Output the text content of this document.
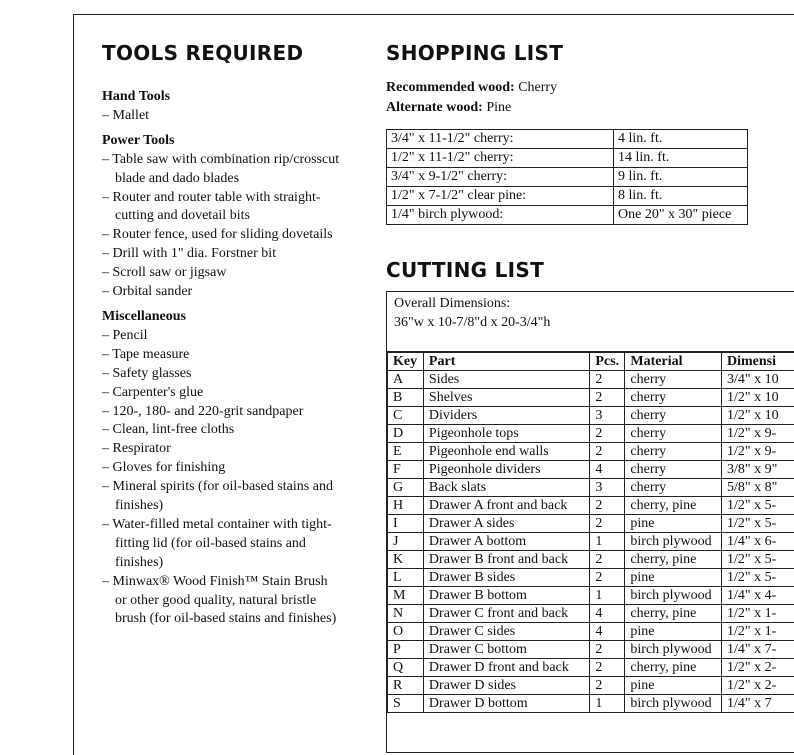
TOOLS REQUIRED
Hand Tools
– Mallet
Power Tools
– Table saw with combination rip/crosscut blade and dado blades
– Router and router table with straight-cutting and dovetail bits
– Router fence, used for sliding dovetails
– Drill with 1" dia. Forstner bit
– Scroll saw or jigsaw
– Orbital sander
Miscellaneous
– Pencil
– Tape measure
– Safety glasses
– Carpenter's glue
– 120-, 180- and 220-grit sandpaper
– Clean, lint-free cloths
– Respirator
– Gloves for finishing
– Mineral spirits (for oil-based stains and finishes)
– Water-filled metal container with tight-fitting lid (for oil-based stains and finishes)
– Minwax® Wood Finish™ Stain Brush or other good quality, natural bristle brush (for oil-based stains and finishes)
SHOPPING LIST
Recommended wood: Cherry
Alternate wood: Pine
3/4" x 11-1/2" cherry:	4 lin. ft.
1/2" x 11-1/2" cherry:	14 lin. ft.
3/4" x 9-1/2" cherry:	9 lin. ft.
1/2" x 7-1/2" clear pine:	8 lin. ft.
1/4" birch plywood:	One 20" x 30" piece
CUTTING LIST
Overall Dimensions:
36"w x 10-7/8"d x 20-3/4"h
Key	Part	Pcs.	Material	Dimensi
A	Sides	2	cherry	3/4" x 10
B	Shelves	2	cherry	1/2" x 10
C	Dividers	3	cherry	1/2" x 10
D	Pigeonhole tops	2	cherry	1/2" x 9-
E	Pigeonhole end walls	2	cherry	1/2" x 9-
F	Pigeonhole dividers	4	cherry	3/8" x 9"
G	Back slats	3	cherry	5/8" x 8"
H	Drawer A front and back	2	cherry, pine	1/2" x 5-
I	Drawer A sides	2	pine	1/2" x 5-
J	Drawer A bottom	1	birch plywood	1/4" x 6-
K	Drawer B front and back	2	cherry, pine	1/2" x 5-
L	Drawer B sides	2	pine	1/2" x 5-
M	Drawer B bottom	1	birch plywood	1/4" x 4-
N	Drawer C front and back	4	cherry, pine	1/2" x 1-
O	Drawer C sides	4	pine	1/2" x 1-
P	Drawer C bottom	2	birch plywood	1/4" x 7-
Q	Drawer D front and back	2	cherry, pine	1/2" x 2-
R	Drawer D sides	2	pine	1/2" x 2-
S	Drawer D bottom	1	birch plywood	1/4" x 7
